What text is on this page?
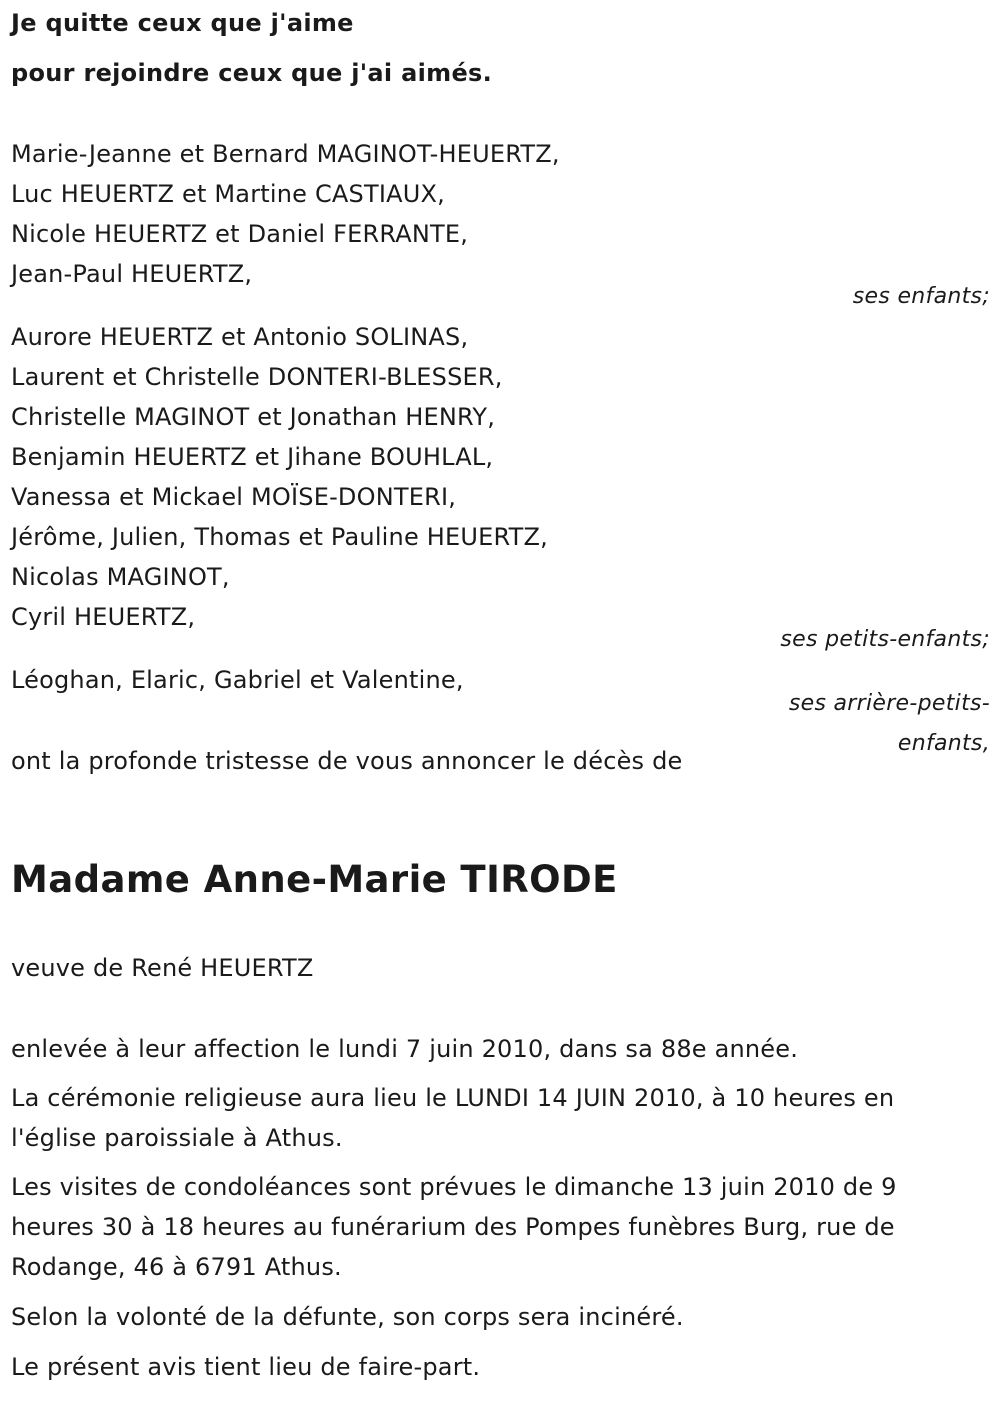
Je quitte ceux que j'aime
pour rejoindre ceux que j'ai aimés.
Marie-Jeanne et Bernard MAGINOT-HEUERTZ,
Luc HEUERTZ et Martine CASTIAUX,
Nicole HEUERTZ et Daniel FERRANTE,
Jean-Paul HEUERTZ,
ses enfants;
Aurore HEUERTZ et Antonio SOLINAS,
Laurent et Christelle DONTERI-BLESSER,
Christelle MAGINOT et Jonathan HENRY,
Benjamin HEUERTZ et Jihane BOUHLAL,
Vanessa et Mickael MOÏSE-DONTERI,
Jérôme, Julien, Thomas et Pauline HEUERTZ,
Nicolas MAGINOT,
Cyril HEUERTZ,
ses petits-enfants;
Léoghan, Elaric, Gabriel et Valentine,
ses arrière-petits-enfants,
ont la profonde tristesse de vous annoncer le décès de
Madame Anne-Marie TIRODE
veuve de René HEUERTZ
enlevée à leur affection le lundi 7 juin 2010, dans sa 88e année.
La cérémonie religieuse aura lieu le LUNDI 14 JUIN 2010, à 10 heures en l'église paroissiale à Athus.
Les visites de condoléances sont prévues le dimanche 13 juin 2010 de 9 heures 30 à 18 heures au funérarium des Pompes funèbres Burg, rue de Rodange, 46 à 6791 Athus.
Selon la volonté de la défunte, son corps sera incinéré.
Le présent avis tient lieu de faire-part.
